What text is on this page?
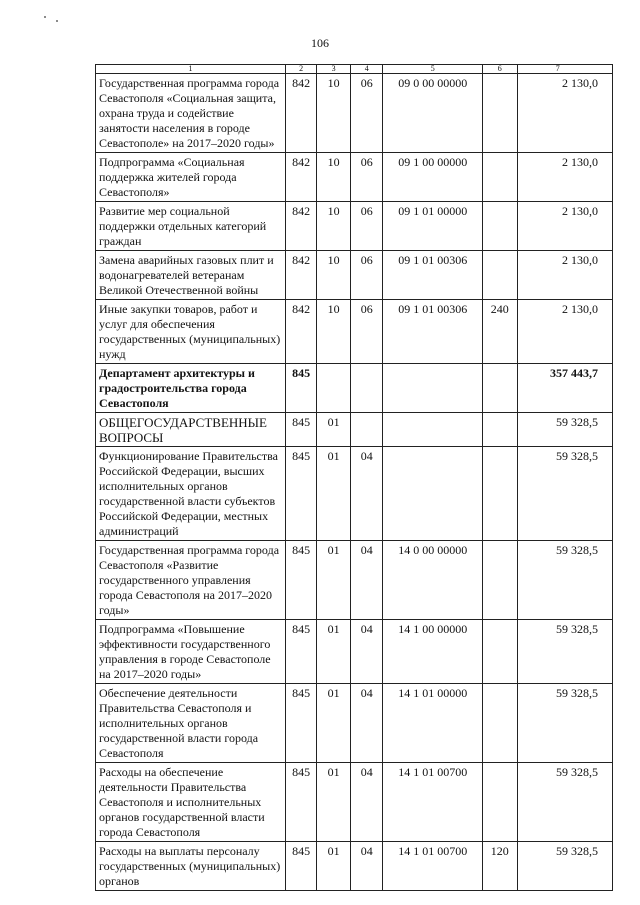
106
1	2	3	4	5	6	7
Государственная программа города Севастополя «Социальная защита, охрана труда и содействие занятости населения в городе Севастополе» на 2017–2020 годы»	842	10	06	09 0 00 00000		2 130,0
Подпрограмма «Социальная поддержка жителей города Севастополя»	842	10	06	09 1 00 00000		2 130,0
Развитие мер социальной поддержки отдельных категорий граждан	842	10	06	09 1 01 00000		2 130,0
Замена аварийных газовых плит и водонагревателей ветеранам Великой Отечественной войны	842	10	06	09 1 01 00306		2 130,0
Иные закупки товаров, работ и услуг для обеспечения государственных (муниципальных) нужд	842	10	06	09 1 01 00306	240	2 130,0
Департамент архитектуры и градостроительства города Севастополя	845					357 443,7
ОБЩЕГОСУДАРСТВЕННЫЕ ВОПРОСЫ	845	01				59 328,5
Функционирование Правительства Российской Федерации, высших исполнительных органов государственной власти субъектов Российской Федерации, местных администраций	845	01	04			59 328,5
Государственная программа города Севастополя «Развитие государственного управления города Севастополя на 2017–2020 годы»	845	01	04	14 0 00 00000		59 328,5
Подпрограмма «Повышение эффективности государственного управления в городе Севастополе на 2017–2020 годы»	845	01	04	14 1 00 00000		59 328,5
Обеспечение деятельности Правительства Севастополя и исполнительных органов государственной власти города Севастополя	845	01	04	14 1 01 00000		59 328,5
Расходы на обеспечение деятельности Правительства Севастополя и исполнительных органов государственной власти города Севастополя	845	01	04	14 1 01 00700		59 328,5
Расходы на выплаты персоналу государственных (муниципальных) органов	845	01	04	14 1 01 00700	120	59 328,5
